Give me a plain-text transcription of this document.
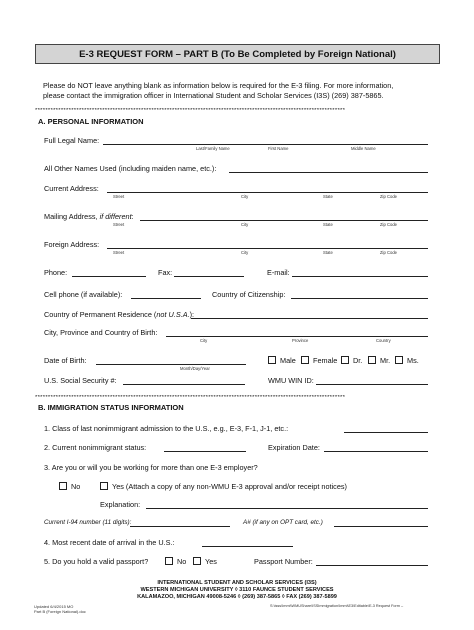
E-3 REQUEST FORM – PART B (To Be Completed by Foreign National)
Please do NOT leave anything blank as information below is required for the E-3 filing. For more information,
please contact the immigration officer in International Student and Scholar Services (I3S) (269) 387-5865.
************************************************************************************************************************
A. PERSONAL INFORMATION
Full Legal Name:
Last/Family Name	First Name	Middle Name
All Other Names Used (including maiden name, etc.):
Current Address:
Street	City	State	Zip Code
Mailing Address, if different:
Street	City	State	Zip Code
Foreign Address:
Street	City	State	Zip Code
Phone:	Fax:	E-mail:
Cell phone (if available):	Country of Citizenship:
Country of Permanent Residence (not U.S.A.):
City, Province and Country of Birth:
City	Province	Country
Date of Birth:
Month/Day/Year
Male Female Dr. Mr. Ms.
U.S. Social Security #:	WMU WIN ID:
************************************************************************************************************************
B. IMMIGRATION STATUS INFORMATION
1. Class of last nonimmigrant admission to the U.S., e.g., E-3, F-1, J-1, etc.:
2. Current nonimmigrant status:	Expiration Date:
3. Are you or will you be working for more than one E-3 employer?
No	Yes (Attach a copy of any non-WMU E-3 approval and/or receipt notices)
Explanation:
Current I-94 number (11 digits):	A# (if any on OPT card, etc.)
4. Most recent date of arrival in the U.S.:
5. Do you hold a valid passport?	No	Yes	Passport Number:
INTERNATIONAL STUDENT AND SCHOLAR SERVICES (I3S)
WESTERN MICHIGAN UNIVERSITY ◊ 3110 FAUNCE STUDENT SERVICES
KALAMAZOO, MICHIGAN 49008-5246 ◊ (269) 387-5865 ◊ FAX (269) 387-5899
Updated 6/4/2015 MO
Part B (Foreign National).doc
S:\isss\Immi\WMUShare\ISSImmigration\Immi\E3\Editable\E-3 Request Form –
